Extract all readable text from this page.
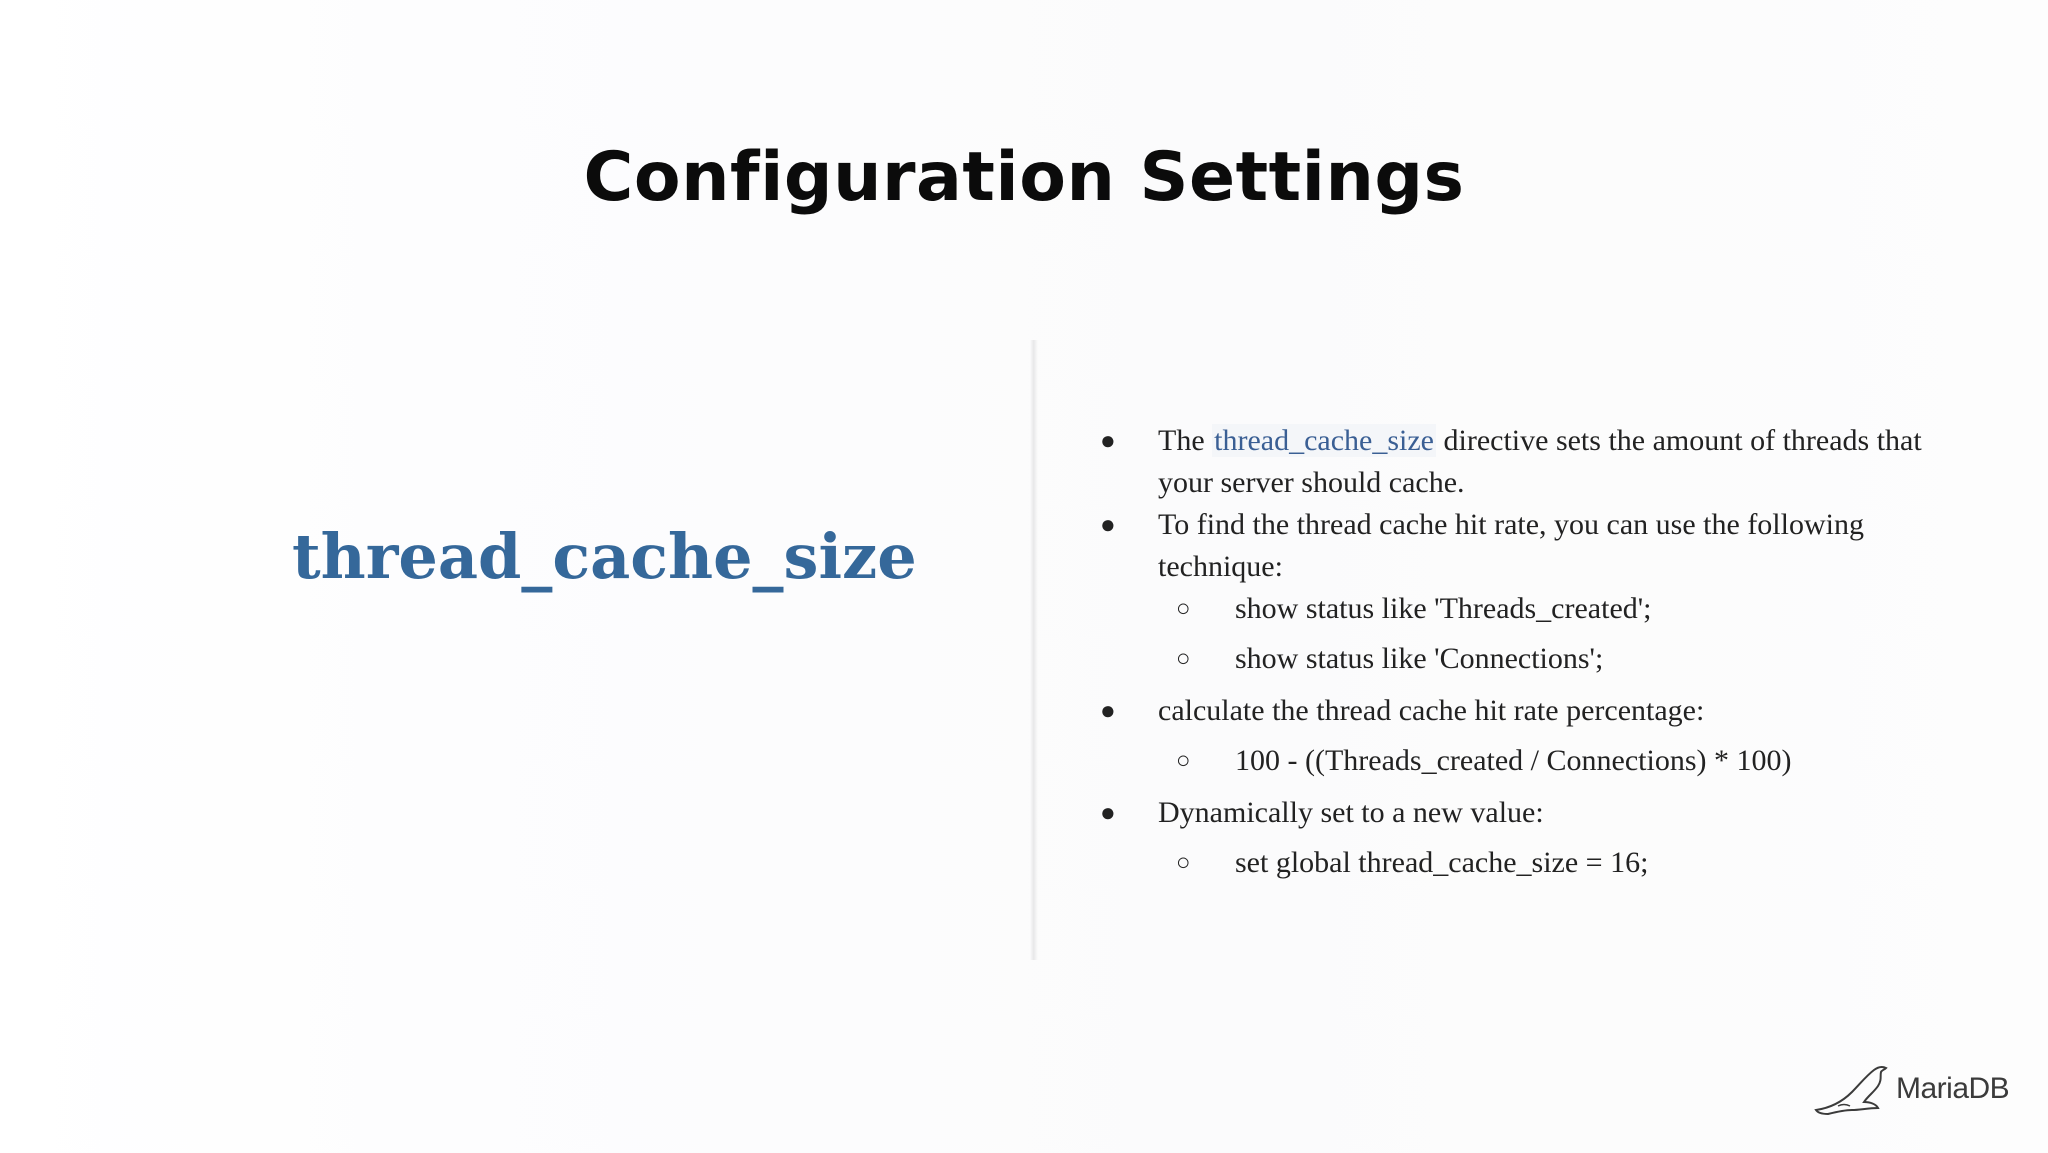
Configuration Settings
thread_cache_size
●	The thread_cache_size directive sets the amount of threads that your server should cache.
●	To find the thread cache hit rate, you can use the following technique:
○	show status like 'Threads_created';
○	show status like 'Connections';
●	calculate the thread cache hit rate percentage:
○	100 - ((Threads_created / Connections) * 100)
●	Dynamically set to a new value:
○	set global thread_cache_size = 16;
MariaDB
